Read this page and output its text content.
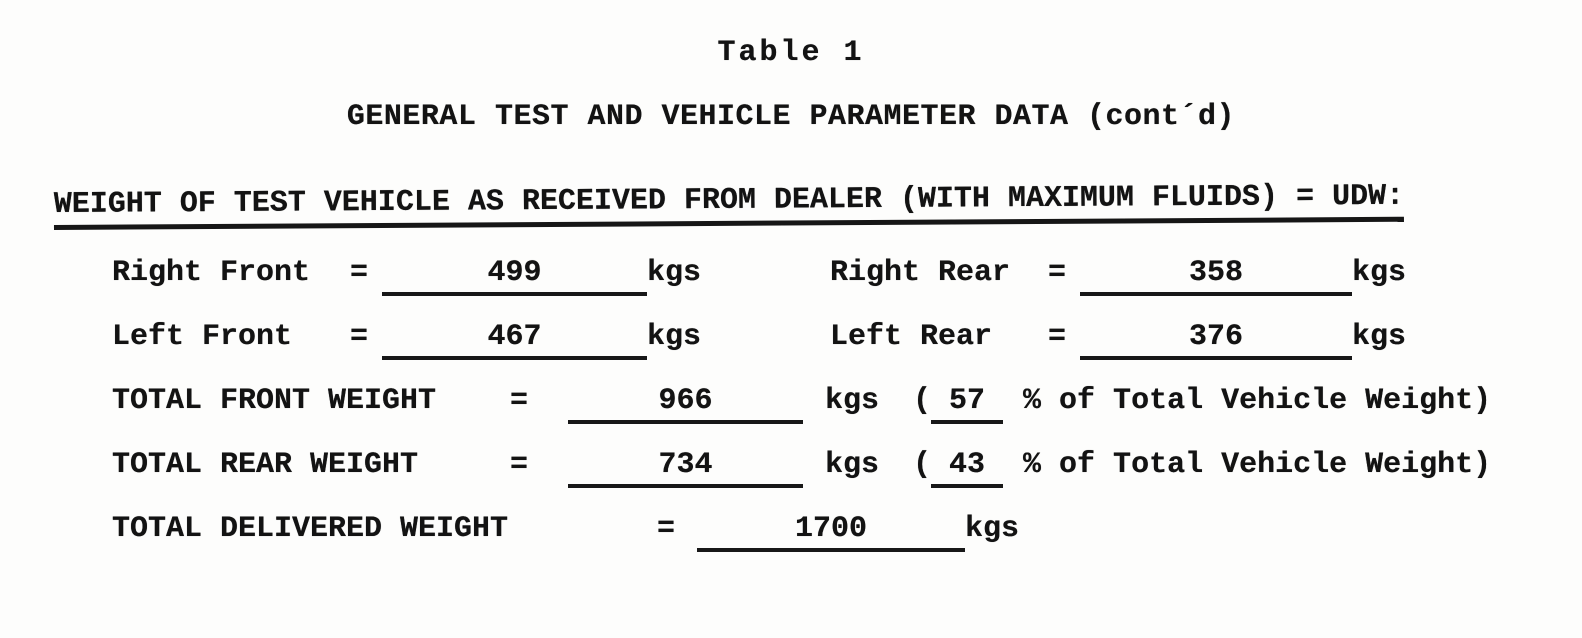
Table 1
GENERAL TEST AND VEHICLE PARAMETER DATA (cont´d)
WEIGHT OF TEST VEHICLE AS RECEIVED FROM DEALER (WITH MAXIMUM FLUIDS) = UDW:
Right Front	=	499	kgs	Right Rear	=	358	kgs
Left Front	=	467	kgs	Left Rear	=	376	kgs
TOTAL FRONT WEIGHT	=	966	kgs ( 57	% of Total Vehicle Weight)
TOTAL REAR WEIGHT	=	734	kgs ( 43	% of Total Vehicle Weight)
TOTAL DELIVERED WEIGHT	=	1700	kgs
